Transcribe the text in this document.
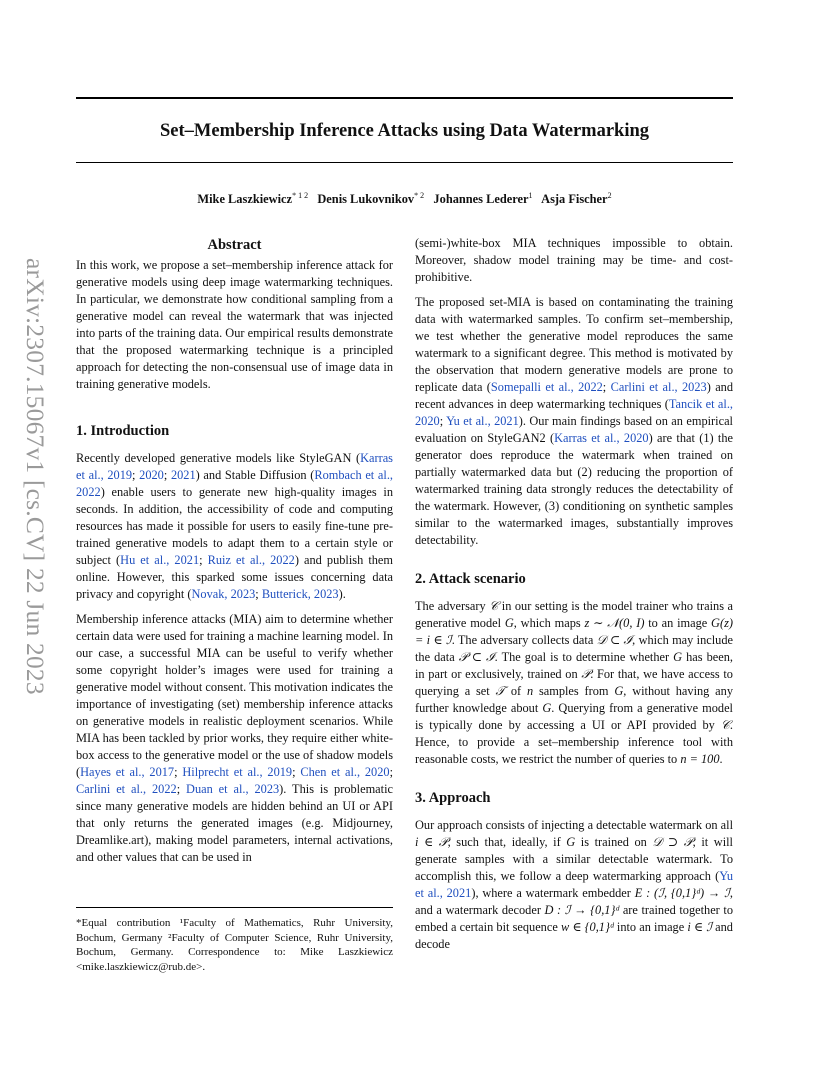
Set–Membership Inference Attacks using Data Watermarking
Mike Laszkiewicz$^{* 1 2}$ Denis Lukovnikov$^{* 2}$ Johannes Lederer$^1$ Asja Fischer$^2$
arXiv:2307.15067v1 [cs.CV] 22 Jun 2023
Abstract
In this work, we propose a set–membership inference attack for generative models using deep image watermarking techniques. In particular, we demonstrate how conditional sampling from a generative model can reveal the watermark that was injected into parts of the training data. Our empirical results demonstrate that the proposed watermarking technique is a principled approach for detecting the non-consensual use of image data in training generative models.
1. Introduction
Recently developed generative models like StyleGAN (Karras et al., 2019; 2020; 2021) and Stable Diffusion (Rombach et al., 2022) enable users to generate new high-quality images in seconds. In addition, the accessibility of code and computing resources has made it possible for users to easily fine-tune pre-trained generative models to adapt them to a certain style or subject (Hu et al., 2021; Ruiz et al., 2022) and publish them online. However, this sparked some issues concerning data privacy and copyright (Novak, 2023; Butterick, 2023).
Membership inference attacks (MIA) aim to determine whether certain data were used for training a machine learning model. In our case, a successful MIA can be useful to verify whether some copyright holder’s images were used for training a generative model without consent. This motivation indicates the importance of investigating (set) membership inference attacks on generative models in realistic deployment scenarios. While MIA has been tackled by prior works, they require either white-box access to the generative model or the use of shadow models (Hayes et al., 2017; Hilprecht et al., 2019; Chen et al., 2020; Carlini et al., 2022; Duan et al., 2023). This is problematic since many generative models are hidden behind an UI or API that only returns the generated images (e.g. Midjourney, Dreamlike.art), making model parameters, internal activations, and other values that can be used in
(semi-)white-box MIA techniques impossible to obtain. Moreover, shadow model training may be time- and cost-prohibitive.
The proposed set-MIA is based on contaminating the training data with watermarked samples. To confirm set–membership, we test whether the generative model reproduces the same watermark to a significant degree. This method is motivated by the observation that modern generative models are prone to replicate data (Somepalli et al., 2022; Carlini et al., 2023) and recent advances in deep watermarking techniques (Tancik et al., 2020; Yu et al., 2021). Our main findings based on an empirical evaluation on StyleGAN2 (Karras et al., 2020) are that (1) the generator does reproduce the watermark when trained on partially watermarked data but (2) reducing the proportion of watermarked training data strongly reduces the detectability of the watermark. However, (3) conditioning on synthetic samples similar to the watermarked images, substantially improves detectability.
2. Attack scenario
The adversary 𝒞 in our setting is the model trainer who trains a generative model G, which maps z ∼ 𝒩(0, I) to an image G(z) = i ∈ ℐ. The adversary collects data 𝒟 ⊂ ℐ, which may include the data 𝒫 ⊂ ℐ. The goal is to determine whether G has been, in part or exclusively, trained on 𝒫. For that, we have access to querying a set 𝒯 of n samples from G, without having any further knowledge about G. Querying from a generative model is typically done by accessing a UI or API provided by 𝒞. Hence, to provide a set–membership inference tool with reasonable costs, we restrict the number of queries to n = 100.
3. Approach
Our approach consists of injecting a detectable watermark on all i ∈ 𝒫, such that, ideally, if G is trained on 𝒟 ⊃ 𝒫, it will generate samples with a similar detectable watermark. To accomplish this, we follow a deep watermarking approach (Yu et al., 2021), where a watermark embedder E : (ℐ, {0,1}ᵈ) → ℐ, and a watermark decoder D : ℐ → {0,1}ᵈ are trained together to embed a certain bit sequence w ∈ {0,1}ᵈ into an image i ∈ ℐ and decode
*Equal contribution ¹Faculty of Mathematics, Ruhr University, Bochum, Germany ²Faculty of Computer Science, Ruhr University, Bochum, Germany. Correspondence to: Mike Laszkiewicz <mike.laszkiewicz@rub.de>.
